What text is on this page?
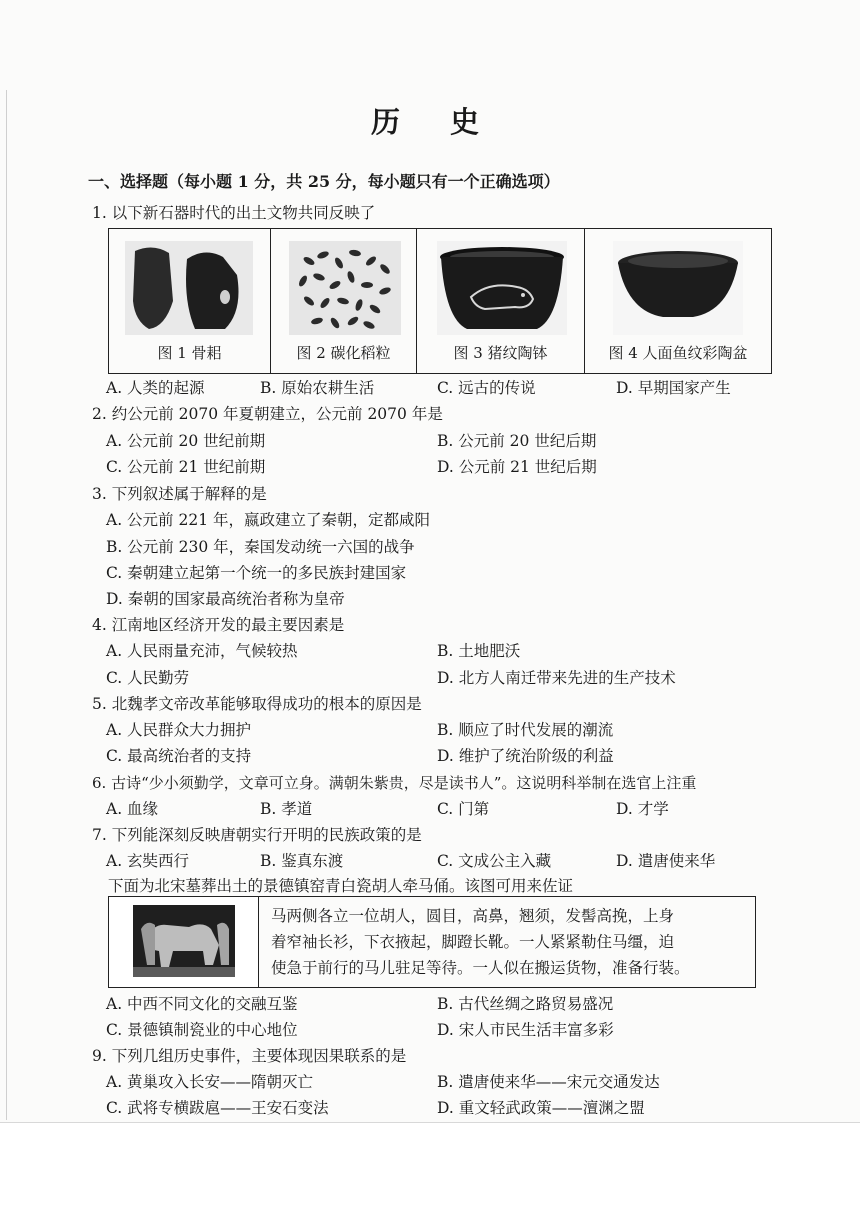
历 史
一、选择题（每小题 1 分，共 25 分，每小题只有一个正确选项）
1. 以下新石器时代的出土文物共同反映了
图 1 骨耜	图 2 碳化稻粒	图 3 猪纹陶钵	图 4 人面鱼纹彩陶盆
A. 人类的起源	B. 原始农耕生活	C. 远古的传说	D. 早期国家产生
2. 约公元前 2070 年夏朝建立，公元前 2070 年是
A. 公元前 20 世纪前期	B. 公元前 20 世纪后期
C. 公元前 21 世纪前期	D. 公元前 21 世纪后期
3. 下列叙述属于解释的是
A. 公元前 221 年，嬴政建立了秦朝，定都咸阳
B. 公元前 230 年，秦国发动统一六国的战争
C. 秦朝建立起第一个统一的多民族封建国家
D. 秦朝的国家最高统治者称为皇帝
4. 江南地区经济开发的最主要因素是
A. 人民雨量充沛，气候较热	B. 土地肥沃
C. 人民勤劳	D. 北方人南迁带来先进的生产技术
5. 北魏孝文帝改革能够取得成功的根本的原因是
A. 人民群众大力拥护	B. 顺应了时代发展的潮流
C. 最高统治者的支持	D. 维护了统治阶级的利益
6. 古诗“少小须勤学，文章可立身。满朝朱紫贵，尽是读书人”。这说明科举制在选官上注重
A. 血缘	B. 孝道	C. 门第	D. 才学
7. 下列能深刻反映唐朝实行开明的民族政策的是
A. 玄奘西行	B. 鉴真东渡	C. 文成公主入藏	D. 遣唐使来华
下面为北宋墓葬出土的景德镇窑青白瓷胡人牵马俑。该图可用来佐证
马两侧各立一位胡人，圆目，高鼻，翘须，发髻高挽，上身
着窄袖长衫，下衣掖起，脚蹬长靴。一人紧紧勒住马缰，迫
使急于前行的马儿驻足等待。一人似在搬运货物，准备行装。
A. 中西不同文化的交融互鉴	B. 古代丝绸之路贸易盛况
C. 景德镇制瓷业的中心地位	D. 宋人市民生活丰富多彩
9. 下列几组历史事件，主要体现因果联系的是
A. 黄巢攻入长安——隋朝灭亡	B. 遣唐使来华——宋元交通发达
C. 武将专横跋扈——王安石变法	D. 重文轻武政策——澶渊之盟
